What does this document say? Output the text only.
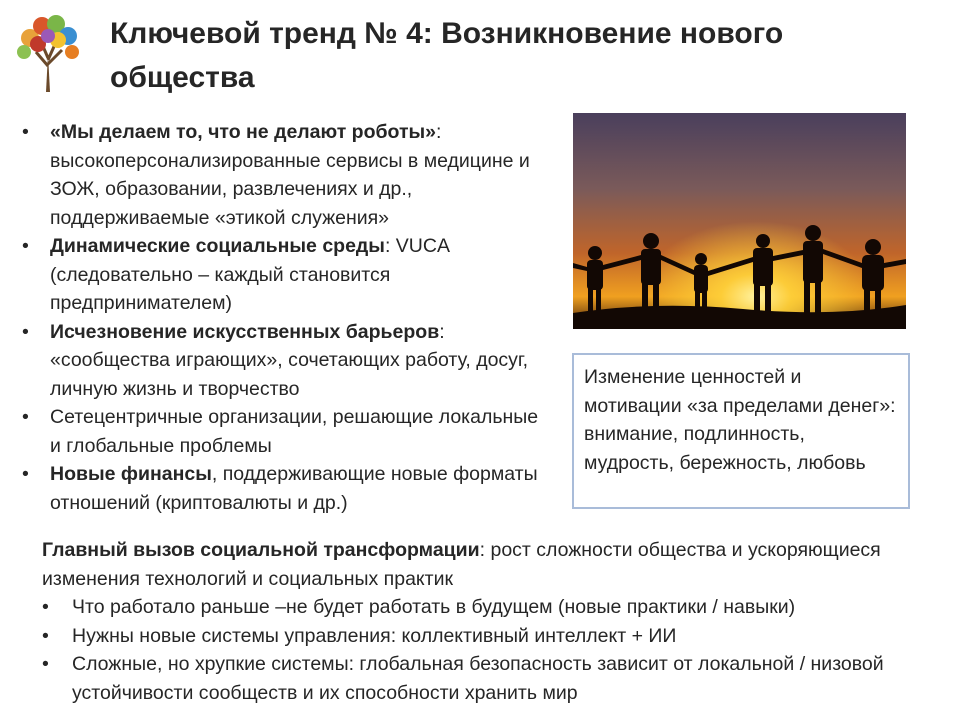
Ключевой тренд № 4: Возникновение нового общества
• «Мы делаем то, что не делают роботы»: высокоперсонализированные сервисы в медицине и ЗОЖ, образовании, развлечениях и др., поддерживаемые «этикой служения»
• Динамические социальные среды: VUCA (следовательно – каждый становится предпринимателем)
• Исчезновение искусственных барьеров: «сообщества играющих», сочетающих работу, досуг, личную жизнь и творчество
• Сетецентричные организации, решающие локальные и глобальные проблемы
• Новые финансы, поддерживающие новые форматы отношений (криптовалюты и др.)
Изменение ценностей и мотивации «за пределами денег»: внимание, подлинность, мудрость, бережность, любовь
Главный вызов социальной трансформации: рост сложности общества и ускоряющиеся изменения технологий и социальных практик
• Что работало раньше –не будет работать в будущем (новые практики / навыки)
• Нужны новые системы управления: коллективный интеллект + ИИ
• Сложные, но хрупкие системы: глобальная безопасность зависит от локальной / низовой устойчивости сообществ и их способности хранить мир
